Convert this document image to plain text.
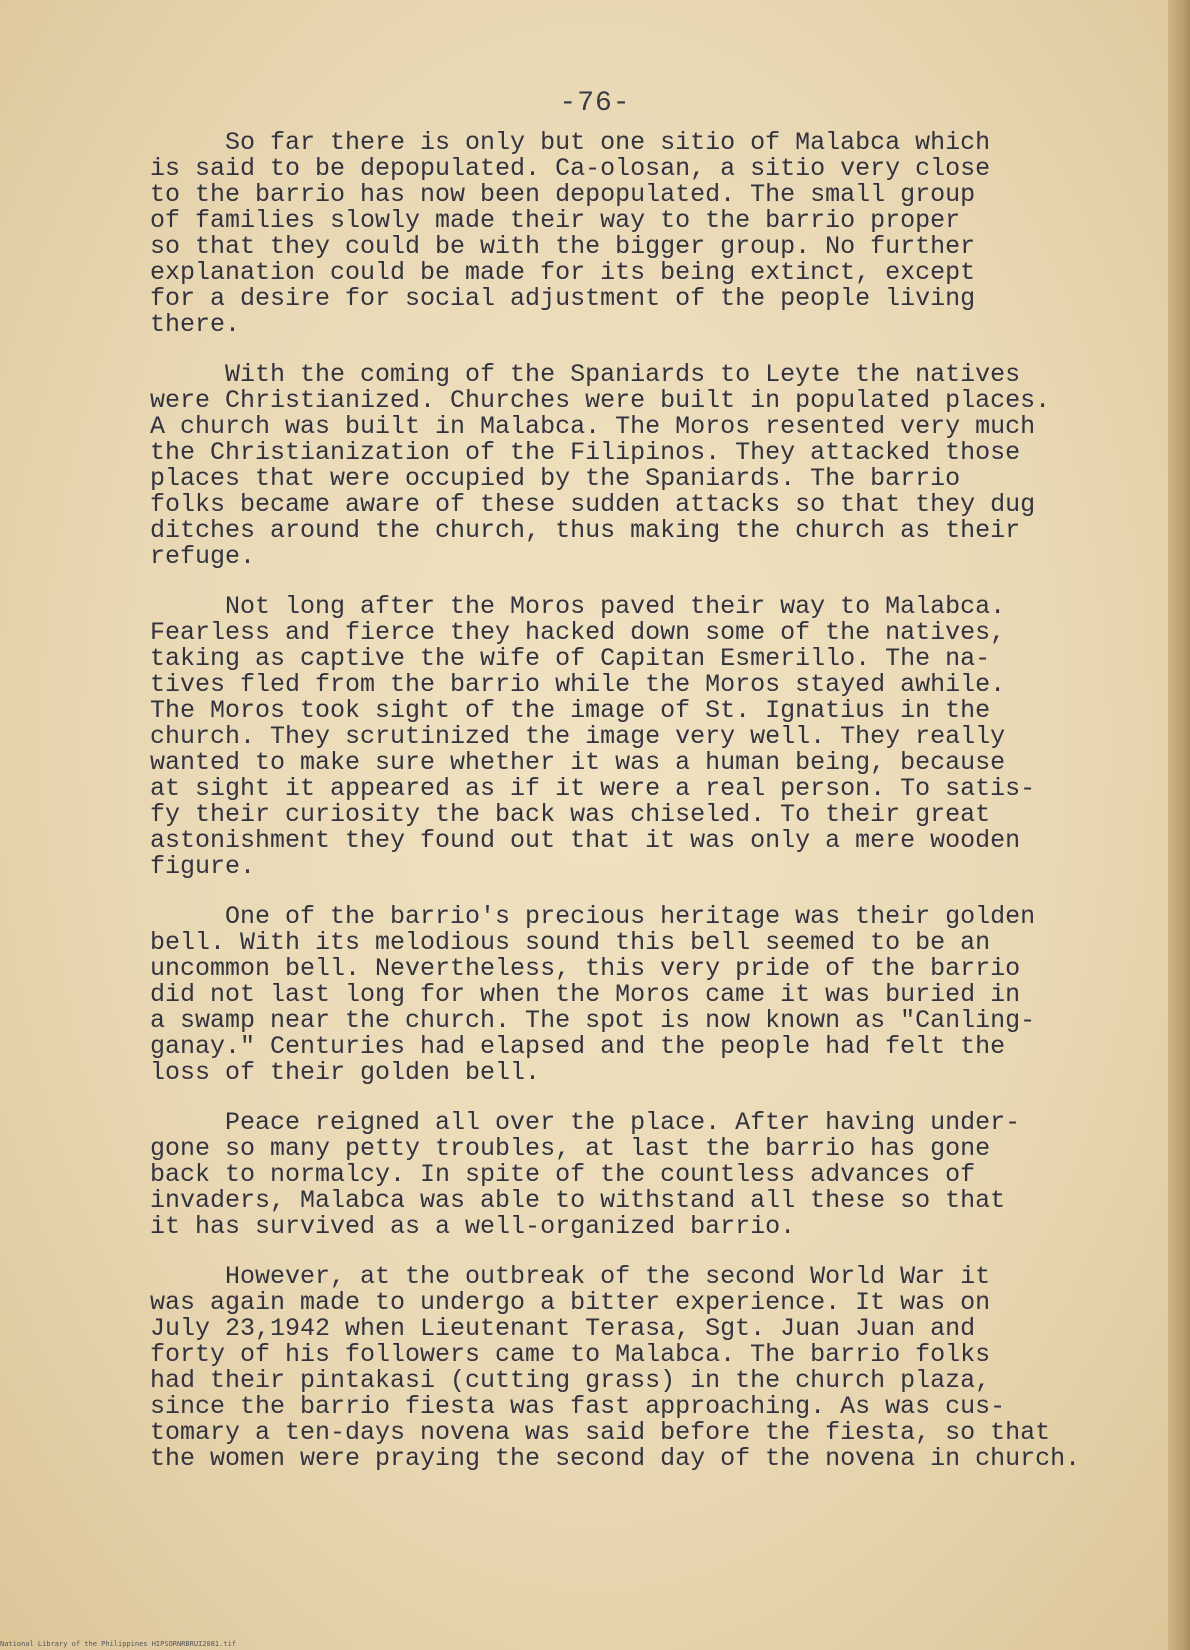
-76-
So far there is only but one sitio of Malabca which
is said to be depopulated. Ca-olosan, a sitio very close
to the barrio has now been depopulated. The small group
of families slowly made their way to the barrio proper
so that they could be with the bigger group. No further
explanation could be made for its being extinct, except
for a desire for social adjustment of the people living
there.
With the coming of the Spaniards to Leyte the natives
were Christianized. Churches were built in populated places.
A church was built in Malabca. The Moros resented very much
the Christianization of the Filipinos. They attacked those
places that were occupied by the Spaniards. The barrio
folks became aware of these sudden attacks so that they dug
ditches around the church, thus making the church as their
refuge.
Not long after the Moros paved their way to Malabca.
Fearless and fierce they hacked down some of the natives,
taking as captive the wife of Capitan Esmerillo. The na-
tives fled from the barrio while the Moros stayed awhile.
The Moros took sight of the image of St. Ignatius in the
church. They scrutinized the image very well. They really
wanted to make sure whether it was a human being, because
at sight it appeared as if it were a real person. To satis-
fy their curiosity the back was chiseled. To their great
astonishment they found out that it was only a mere wooden
figure.
One of the barrio's precious heritage was their golden
bell. With its melodious sound this bell seemed to be an
uncommon bell. Nevertheless, this very pride of the barrio
did not last long for when the Moros came it was buried in
a swamp near the church. The spot is now known as "Canling-
ganay." Centuries had elapsed and the people had felt the
loss of their golden bell.
Peace reigned all over the place. After having under-
gone so many petty troubles, at last the barrio has gone
back to normalcy. In spite of the countless advances of
invaders, Malabca was able to withstand all these so that
it has survived as a well-organized barrio.
However, at the outbreak of the second World War it
was again made to undergo a bitter experience. It was on
July 23,1942 when Lieutenant Terasa, Sgt. Juan Juan and
forty of his followers came to Malabca. The barrio folks
had their pintakasi (cutting grass) in the church plaza,
since the barrio fiesta was fast approaching. As was cus-
tomary a ten-days novena was said before the fiesta, so that
the women were praying the second day of the novena in church.
National Library of the Philippines HIPSORNRBRUI2081.tif
